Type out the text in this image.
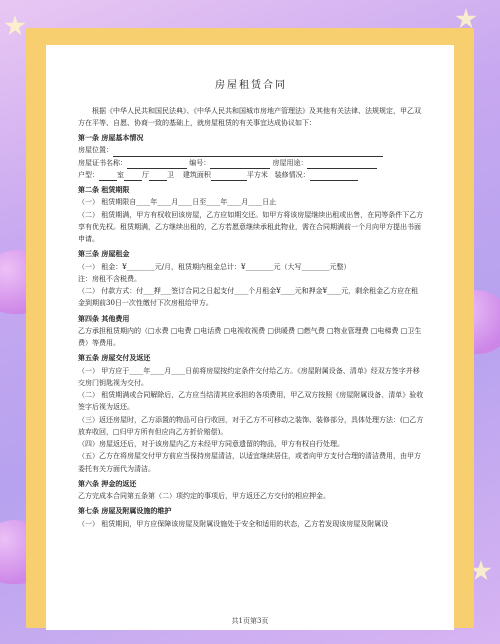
房屋租赁合同

根据《中华人民共和国民法典》、《中华人民共和国城市房地产管理法》及其他有关法律、法规规定，甲乙双方在平等、自愿、协商一致的基础上，就房屋租赁的有关事宜达成协议如下：

第一条 房屋基本情况

房屋位置：

房屋证书名称：	编号：	房屋用途：

户型：	室	厅	卫 建筑面积	平方米 装修情况：

第二条 租赁期限

（一） 租赁期限自____年____月____日至____年____月____日止

（二） 租赁期满，甲方有权收回该房屋，乙方应如期交还。如甲方将该房屋继续出租或出售，在同等条件下乙方享有优先权。租赁期满，乙方继续出租的，乙方若愿意继续承租此物业，需在合同期满前一个月向甲方提出书面申请。

第三条 房屋租金

（一） 租金：¥________元/月，租赁期内租金总计：¥________元（大写________元整）

注：房租不含税费。

（二） 付款方式：付___押___签订合同之日起支付____个月租金¥____元和押金¥____元，剩余租金乙方应在租金到期前30日一次性缴付下次房租给甲方。

第四条 其他费用

乙方承担租赁期内的（□水费 □电费 □电话费 □电视收视费 □供暖费 □燃气费 □物业管理费 □电梯费 □卫生费）等费用。

第五条 房屋交付及返还

（一） 甲方应于____年____月____日前将房屋按约定条件交付给乙方。《房屋附属设备、清单》经双方签字并移交房门钥匙视为交付。

（二） 租赁期满或合同解除后，乙方应当结清其应承担的各项费用，甲乙双方按照《房屋附属设备、清单》验收签字后视为返还。

（三）返还房屋时，乙方添置的物品可自行收回，对于乙方不可移动之装饰、装修部分，具体处理方法：(□乙方放弃收回，□归甲方所有但应向乙方折价赔偿)。

（四）房屋返还后，对于该房屋内乙方未经甲方同意遗留的物品，甲方有权自行处理。

（五）乙方在将房屋交付甲方前应当保持房屋清洁，以适宜继续居住，或者向甲方支付合理的清洁费用，由甲方委托有关方面代为清洁。

第六条 押金的返还

乙方完成本合同第五条第（二）项约定的事项后，甲方返还乙方交付的相应押金。

第七条 房屋及附属设施的维护

（一） 租赁期间，甲方应保障该房屋及附属设施处于安全和适用的状态，乙方若发现该房屋及附属设

共1页第3页
